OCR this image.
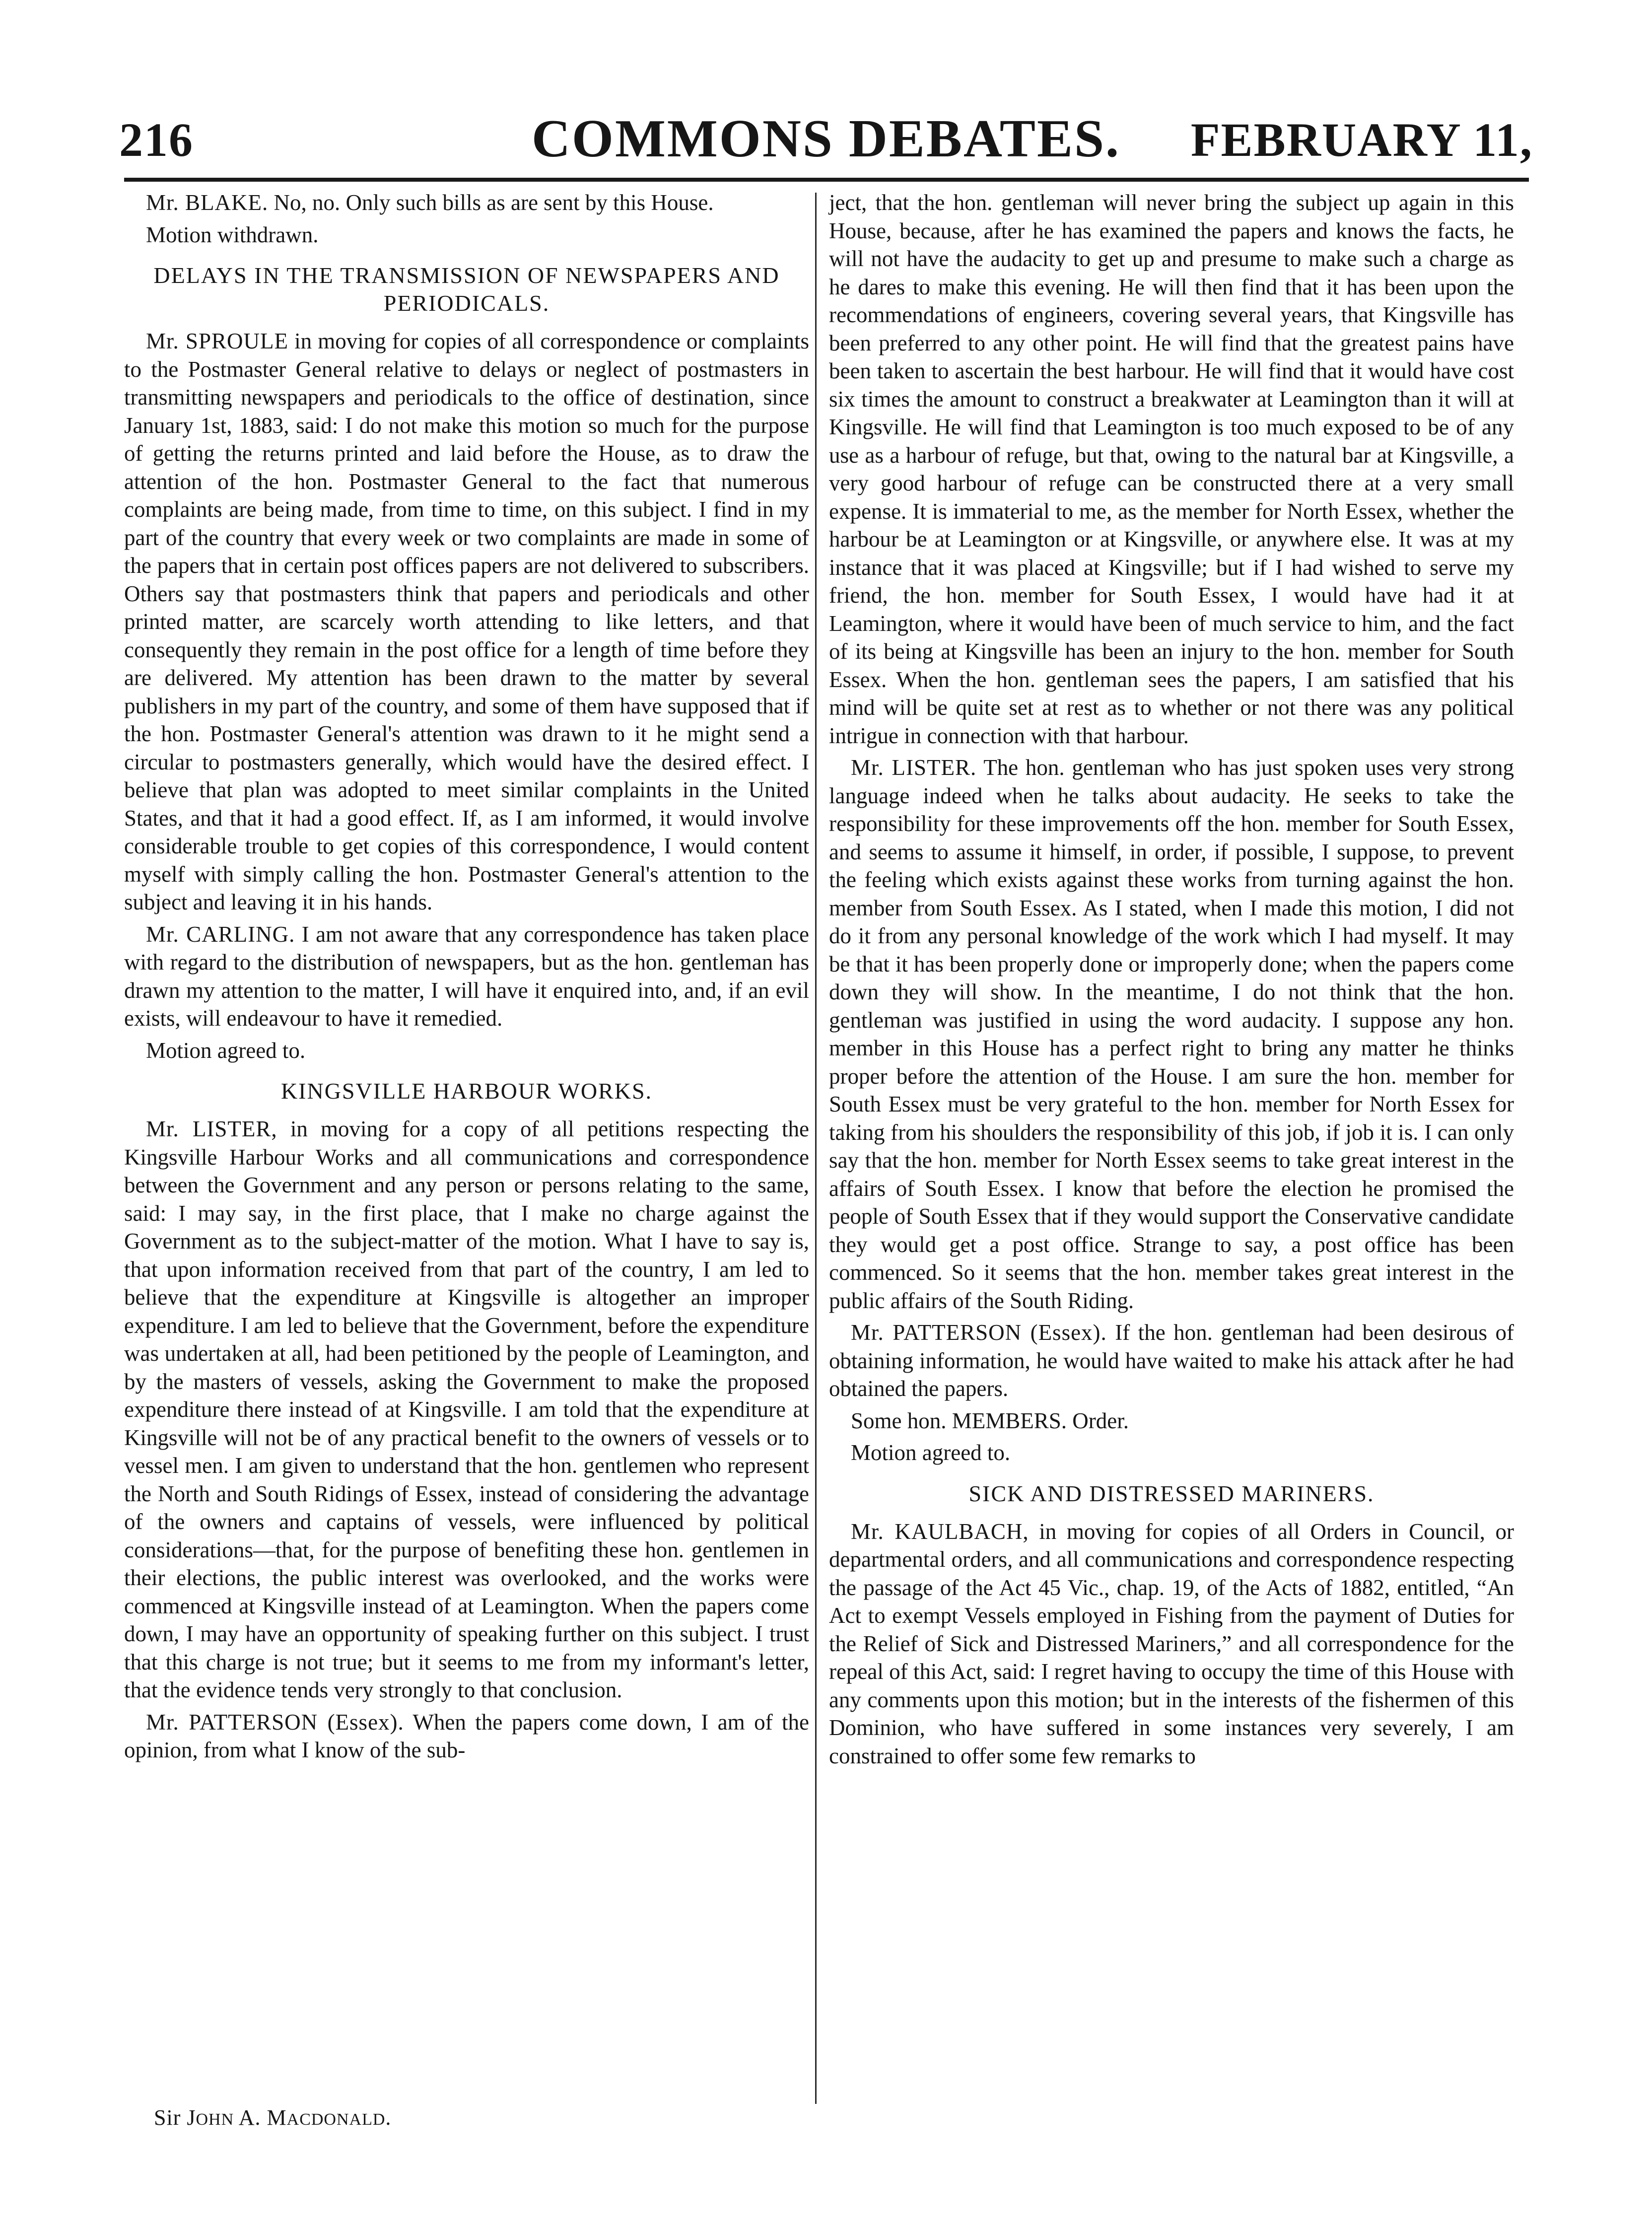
216	COMMONS DEBATES.	FEBRUARY 11,

Mr. BLAKE. No, no. Only such bills as are sent by this House.

Motion withdrawn.

DELAYS IN THE TRANSMISSION OF NEWSPAPERS AND PERIODICALS.

Mr. SPROULE in moving for copies of all correspondence or complaints to the Postmaster General relative to delays or neglect of postmasters in transmitting newspapers and periodicals to the office of destination, since January 1st, 1883, said: I do not make this motion so much for the purpose of getting the returns printed and laid before the House, as to draw the attention of the hon. Postmaster General to the fact that numerous complaints are being made, from time to time, on this subject. I find in my part of the country that every week or two complaints are made in some of the papers that in certain post offices papers are not delivered to subscribers. Others say that postmasters think that papers and periodicals and other printed matter, are scarcely worth attending to like letters, and that consequently they remain in the post office for a length of time before they are delivered. My attention has been drawn to the matter by several publishers in my part of the country, and some of them have supposed that if the hon. Postmaster General's attention was drawn to it he might send a circular to postmasters generally, which would have the desired effect. I believe that plan was adopted to meet similar complaints in the United States, and that it had a good effect. If, as I am informed, it would involve considerable trouble to get copies of this correspondence, I would content myself with simply calling the hon. Postmaster General's attention to the subject and leaving it in his hands.

Mr. CARLING. I am not aware that any correspondence has taken place with regard to the distribution of newspapers, but as the hon. gentleman has drawn my attention to the matter, I will have it enquired into, and, if an evil exists, will endeavour to have it remedied.

Motion agreed to.

KINGSVILLE HARBOUR WORKS.

Mr. LISTER, in moving for a copy of all petitions respecting the Kingsville Harbour Works and all communications and correspondence between the Government and any person or persons relating to the same, said: I may say, in the first place, that I make no charge against the Government as to the subject-matter of the motion. What I have to say is, that upon information received from that part of the country, I am led to believe that the expenditure at Kingsville is altogether an improper expenditure. I am led to believe that the Government, before the expenditure was undertaken at all, had been petitioned by the people of Leamington, and by the masters of vessels, asking the Government to make the proposed expenditure there instead of at Kingsville. I am told that the expenditure at Kingsville will not be of any practical benefit to the owners of vessels or to vessel men. I am given to understand that the hon. gentlemen who represent the North and South Ridings of Essex, instead of considering the advantage of the owners and captains of vessels, were influenced by political considerations—that, for the purpose of benefiting these hon. gentlemen in their elections, the public interest was overlooked, and the works were commenced at Kingsville instead of at Leamington. When the papers come down, I may have an opportunity of speaking further on this subject. I trust that this charge is not true; but it seems to me from my informant's letter, that the evidence tends very strongly to that conclusion.

Mr. PATTERSON (Essex). When the papers come down, I am of the opinion, from what I know of the sub-

ject, that the hon. gentleman will never bring the subject up again in this House, because, after he has examined the papers and knows the facts, he will not have the audacity to get up and presume to make such a charge as he dares to make this evening. He will then find that it has been upon the recommendations of engineers, covering several years, that Kingsville has been preferred to any other point. He will find that the greatest pains have been taken to ascertain the best harbour. He will find that it would have cost six times the amount to construct a breakwater at Leamington than it will at Kingsville. He will find that Leamington is too much exposed to be of any use as a harbour of refuge, but that, owing to the natural bar at Kingsville, a very good harbour of refuge can be constructed there at a very small expense. It is immaterial to me, as the member for North Essex, whether the harbour be at Leamington or at Kingsville, or anywhere else. It was at my instance that it was placed at Kingsville; but if I had wished to serve my friend, the hon. member for South Essex, I would have had it at Leamington, where it would have been of much service to him, and the fact of its being at Kingsville has been an injury to the hon. member for South Essex. When the hon. gentleman sees the papers, I am satisfied that his mind will be quite set at rest as to whether or not there was any political intrigue in connection with that harbour.

Mr. LISTER. The hon. gentleman who has just spoken uses very strong language indeed when he talks about audacity. He seeks to take the responsibility for these improvements off the hon. member for South Essex, and seems to assume it himself, in order, if possible, I suppose, to prevent the feeling which exists against these works from turning against the hon. member from South Essex. As I stated, when I made this motion, I did not do it from any personal knowledge of the work which I had myself. It may be that it has been properly done or improperly done; when the papers come down they will show. In the meantime, I do not think that the hon. gentleman was justified in using the word audacity. I suppose any hon. member in this House has a perfect right to bring any matter he thinks proper before the attention of the House. I am sure the hon. member for South Essex must be very grateful to the hon. member for North Essex for taking from his shoulders the responsibility of this job, if job it is. I can only say that the hon. member for North Essex seems to take great interest in the affairs of South Essex. I know that before the election he promised the people of South Essex that if they would support the Conservative candidate they would get a post office. Strange to say, a post office has been commenced. So it seems that the hon. member takes great interest in the public affairs of the South Riding.

Mr. PATTERSON (Essex). If the hon. gentleman had been desirous of obtaining information, he would have waited to make his attack after he had obtained the papers.

Some hon. MEMBERS. Order.

Motion agreed to.

SICK AND DISTRESSED MARINERS.

Mr. KAULBACH, in moving for copies of all Orders in Council, or departmental orders, and all communications and correspondence respecting the passage of the Act 45 Vic., chap. 19, of the Acts of 1882, entitled, “An Act to exempt Vessels employed in Fishing from the payment of Duties for the Relief of Sick and Distressed Mariners,” and all correspondence for the repeal of this Act, said: I regret having to occupy the time of this House with any comments upon this motion; but in the interests of the fishermen of this Dominion, who have suffered in some instances very severely, I am constrained to offer some few remarks to

Sir JOHN A. MACDONALD.
